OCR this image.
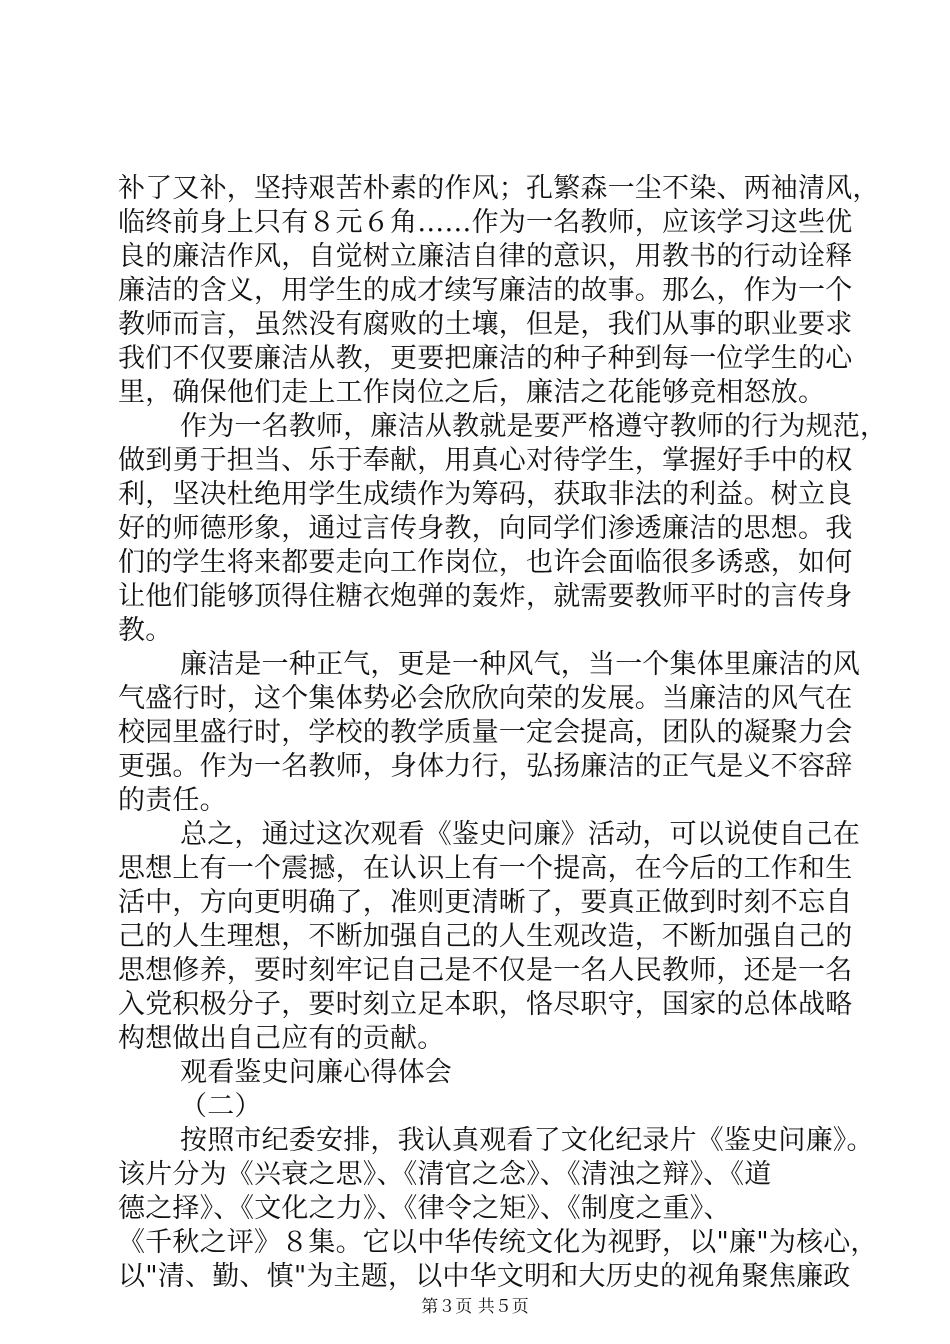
补了又补，坚持艰苦朴素的作风；孔繁森一尘不染、两袖清风，
临终前身上只有８元６角……作为一名教师，应该学习这些优
良的廉洁作风，自觉树立廉洁自律的意识，用教书的行动诠释
廉洁的含义，用学生的成才续写廉洁的故事。那么，作为一个
教师而言，虽然没有腐败的土壤，但是，我们从事的职业要求
我们不仅要廉洁从教，更要把廉洁的种子种到每一位学生的心
里，确保他们走上工作岗位之后，廉洁之花能够竞相怒放。
作为一名教师，廉洁从教就是要严格遵守教师的行为规范，
做到勇于担当、乐于奉献，用真心对待学生，掌握好手中的权
利，坚决杜绝用学生成绩作为筹码，获取非法的利益。树立良
好的师德形象，通过言传身教，向同学们渗透廉洁的思想。我
们的学生将来都要走向工作岗位，也许会面临很多诱惑，如何
让他们能够顶得住糖衣炮弹的轰炸，就需要教师平时的言传身
教。
廉洁是一种正气，更是一种风气，当一个集体里廉洁的风
气盛行时，这个集体势必会欣欣向荣的发展。当廉洁的风气在
校园里盛行时，学校的教学质量一定会提高，团队的凝聚力会
更强。作为一名教师，身体力行，弘扬廉洁的正气是义不容辞
的责任。
总之，通过这次观看《鉴史问廉》活动，可以说使自己在
思想上有一个震撼，在认识上有一个提高，在今后的工作和生
活中，方向更明确了，准则更清晰了，要真正做到时刻不忘自
己的人生理想，不断加强自己的人生观改造，不断加强自己的
思想修养，要时刻牢记自己是不仅是一名人民教师，还是一名
入党积极分子，要时刻立足本职，恪尽职守，国家的总体战略
构想做出自己应有的贡献。
观看鉴史问廉心得体会
（二）
按照市纪委安排，我认真观看了文化纪录片《鉴史问廉》。
该片分为《兴衰之思》、《清官之念》、《清浊之辩》、《道
德之择》、《文化之力》、《律令之矩》、《制度之重》、
《千秋之评》８集。它以中华传统文化为视野，以"廉"为核心，
以"清、勤、慎"为主题，以中华文明和大历史的视角聚焦廉政
第３页 共５页
